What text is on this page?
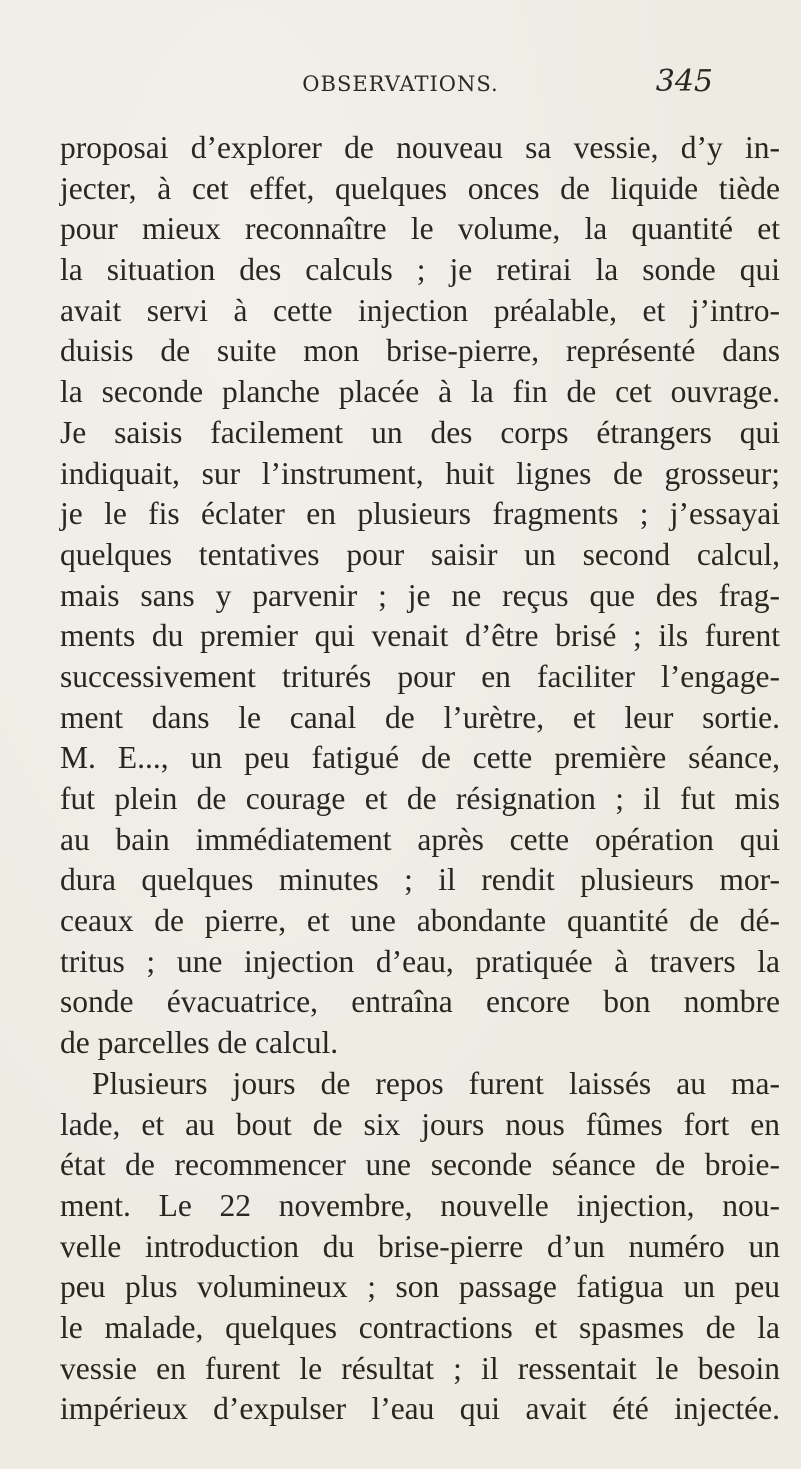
OBSERVATIONS.	345
proposai d’explorer de nouveau sa vessie, d’y in-
jecter, à cet effet, quelques onces de liquide tiède
pour mieux reconnaître le volume, la quantité et
la situation des calculs ; je retirai la sonde qui
avait servi à cette injection préalable, et j’intro-
duisis de suite mon brise-pierre, représenté dans
la seconde planche placée à la fin de cet ouvrage.
Je saisis facilement un des corps étrangers qui
indiquait, sur l’instrument, huit lignes de grosseur;
je le fis éclater en plusieurs fragments ; j’essayai
quelques tentatives pour saisir un second calcul,
mais sans y parvenir ; je ne reçus que des frag-
ments du premier qui venait d’être brisé ; ils furent
successivement triturés pour en faciliter l’engage-
ment dans le canal de l’urètre, et leur sortie.
M. E..., un peu fatigué de cette première séance,
fut plein de courage et de résignation ; il fut mis
au bain immédiatement après cette opération qui
dura quelques minutes ; il rendit plusieurs mor-
ceaux de pierre, et une abondante quantité de dé-
tritus ; une injection d’eau, pratiquée à travers la
sonde évacuatrice, entraîna encore bon nombre
de parcelles de calcul.
Plusieurs jours de repos furent laissés au ma-
lade, et au bout de six jours nous fûmes fort en
état de recommencer une seconde séance de broie-
ment. Le 22 novembre, nouvelle injection, nou-
velle introduction du brise-pierre d’un numéro un
peu plus volumineux ; son passage fatigua un peu
le malade, quelques contractions et spasmes de la
vessie en furent le résultat ; il ressentait le besoin
impérieux d’expulser l’eau qui avait été injectée.
